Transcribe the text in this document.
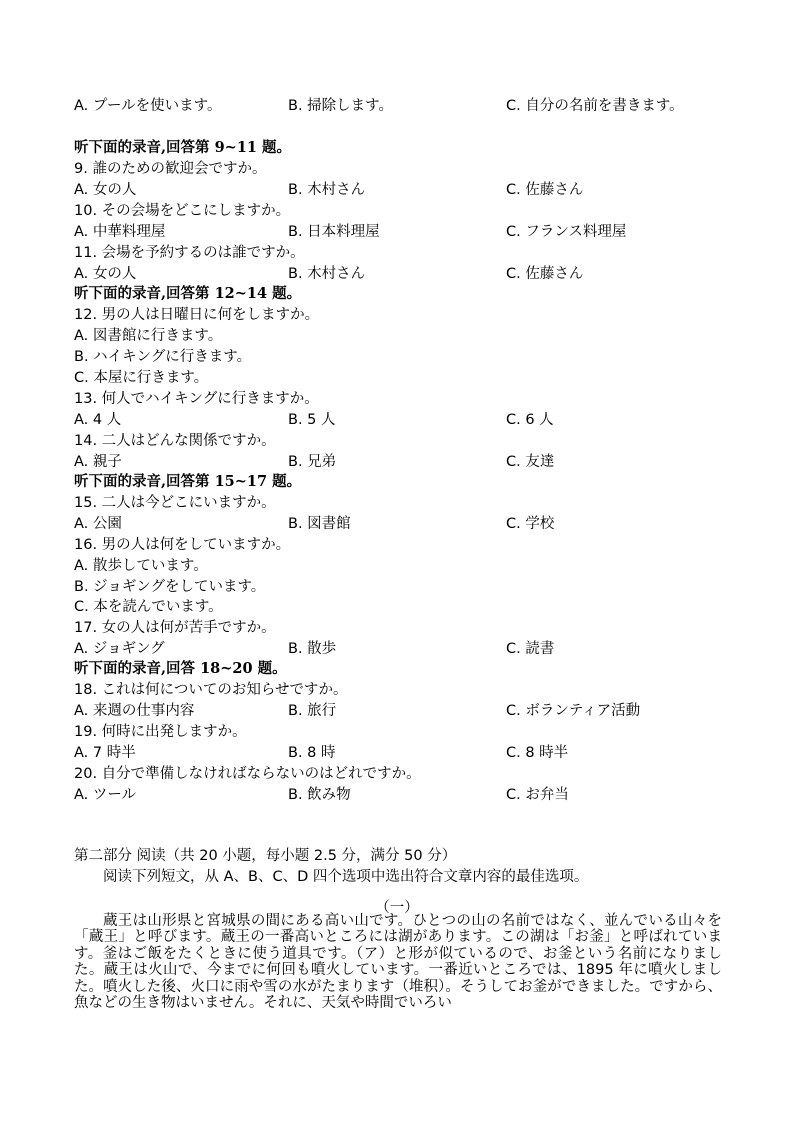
A. プールを使います。	B. 掃除します。	C. 自分の名前を書きます。
听下面的录音,回答第 9~11 题。
9. 誰のための歓迎会ですか。
A. 女の人	B. 木村さん	C. 佐藤さん
10. その会場をどこにしますか。
A. 中華料理屋	B. 日本料理屋	C. フランス料理屋
11. 会場を予約するのは誰ですか。
A. 女の人	B. 木村さん	C. 佐藤さん
听下面的录音,回答第 12~14 题。
12. 男の人は日曜日に何をしますか。
A. 図書館に行きます。
B. ハイキングに行きます。
C. 本屋に行きます。
13. 何人でハイキングに行きますか。
A. 4 人	B. 5 人	C. 6 人
14. 二人はどんな関係ですか。
A. 親子	B. 兄弟	C. 友達
听下面的录音,回答第 15~17 题。
15. 二人は今どこにいますか。
A. 公園	B. 図書館	C. 学校
16. 男の人は何をしていますか。
A. 散歩しています。
B. ジョギングをしています。
C. 本を読んでいます。
17. 女の人は何が苦手ですか。
A. ジョギング	B. 散歩	C. 読書
听下面的录音,回答 18~20 题。
18. これは何についてのお知らせですか。
A. 来週の仕事内容	B. 旅行	C. ボランティア活動
19. 何時に出発しますか。
A. 7 時半	B. 8 時	C. 8 時半
20. 自分で準備しなければならないのはどれですか。
A. ツール	B. 飲み物	C. お弁当
第二部分 阅读（共 20 小题，每小题 2.5 分，满分 50 分）
阅读下列短文，从 A、B、C、D 四个选项中选出符合文章内容的最佳选项。
（一）

蔵王は山形県と宮城県の間にある高い山です。ひとつの山の名前ではなく、並んでいる山々を「蔵王」と呼びます。蔵王の一番高いところには湖があります。この湖は「お釜」と呼ばれています。釜はご飯をたくときに使う道具です。（ア）と形が似ているので、お釜という名前になりました。蔵王は火山で、今までに何回も噴火しています。一番近いところでは、1895 年に噴火しました。噴火した後、火口に雨や雪の水がたまります（堆积）。そうしてお釜ができました。ですから、魚などの生き物はいません。それに、天気や時間でいろい
